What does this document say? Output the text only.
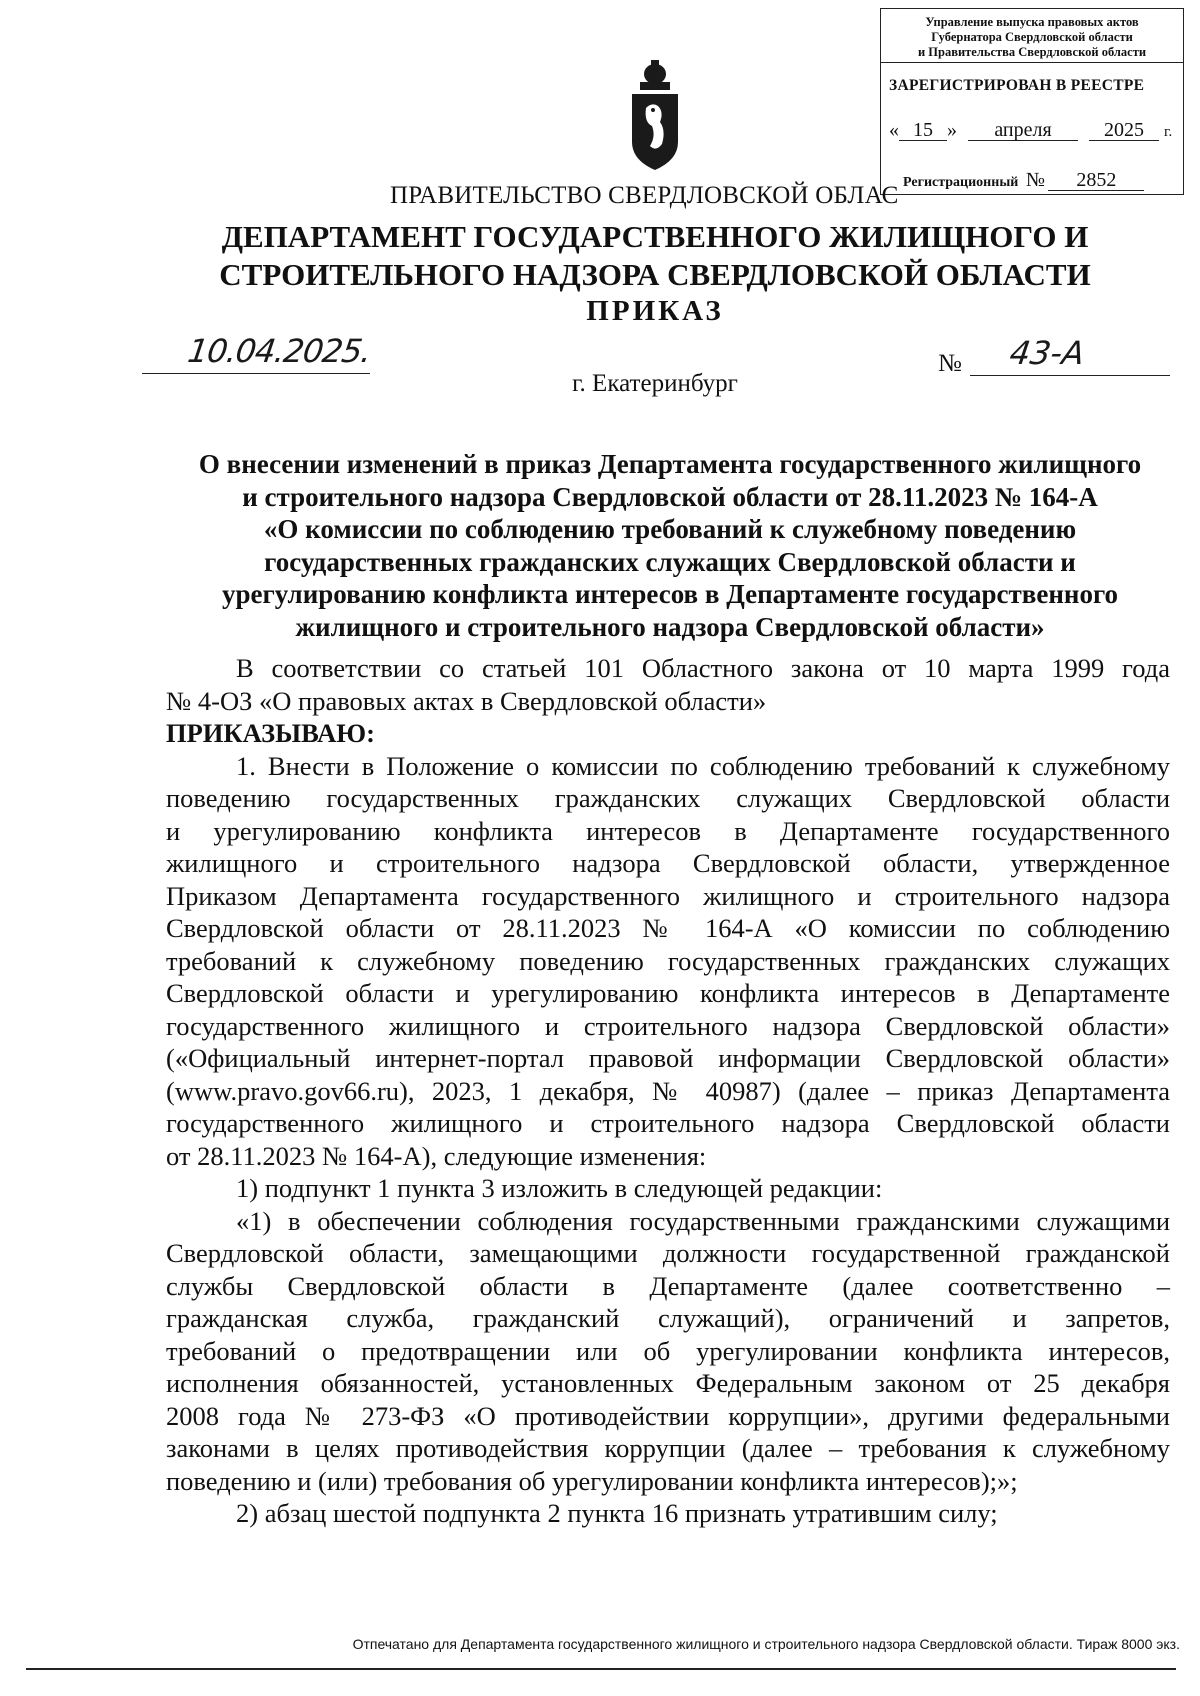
Управление выпуска правовых актов
Губернатора Свердловской области
и Правительства Свердловской области
ЗАРЕГИСТРИРОВАН В РЕЕСТРЕ
« 15 » апреля	2025 г.
Регистрационный № 2852
ПРАВИТЕЛЬСТВО СВЕРДЛОВСКОЙ ОБЛАС
ДЕПАРТАМЕНТ ГОСУДАРСТВЕННОГО ЖИЛИЩНОГО И
СТРОИТЕЛЬНОГО НАДЗОРА СВЕРДЛОВСКОЙ ОБЛАСТИ
ПРИКАЗ
10.04.2025.	№ 43-А
г. Екатеринбург
О внесении изменений в приказ Департамента государственного жилищного
и строительного надзора Свердловской области от 28.11.2023 № 164-А
«О комиссии по соблюдению требований к служебному поведению
государственных гражданских служащих Свердловской области и
урегулированию конфликта интересов в Департаменте государственного
жилищного и строительного надзора Свердловской области»
В соответствии со статьей 101 Областного закона от 10 марта 1999 года
№ 4-ОЗ «О правовых актах в Свердловской области»
ПРИКАЗЫВАЮ:
1. Внести в Положение о комиссии по соблюдению требований к служебному
поведению государственных гражданских служащих Свердловской области
и урегулированию конфликта интересов в Департаменте государственного
жилищного и строительного надзора Свердловской области, утвержденное
Приказом Департамента государственного жилищного и строительного надзора
Свердловской области от 28.11.2023 № 164-А «О комиссии по соблюдению
требований к служебному поведению государственных гражданских служащих
Свердловской области и урегулированию конфликта интересов в Департаменте
государственного жилищного и строительного надзора Свердловской области»
(«Официальный интернет-портал правовой информации Свердловской области»
(www.pravo.gov66.ru), 2023, 1 декабря, № 40987) (далее – приказ Департамента
государственного жилищного и строительного надзора Свердловской области
от 28.11.2023 № 164-А), следующие изменения:
1) подпункт 1 пункта 3 изложить в следующей редакции:
«1) в обеспечении соблюдения государственными гражданскими служащими
Свердловской области, замещающими должности государственной гражданской
службы Свердловской области в Департаменте (далее соответственно –
гражданская служба, гражданский служащий), ограничений и запретов,
требований о предотвращении или об урегулировании конфликта интересов,
исполнения обязанностей, установленных Федеральным законом от 25 декабря
2008 года № 273-ФЗ «О противодействии коррупции», другими федеральными
законами в целях противодействия коррупции (далее – требования к служебному
поведению и (или) требования об урегулировании конфликта интересов);»;
2) абзац шестой подпункта 2 пункта 16 признать утратившим силу;
Отпечатано для Департамента государственного жилищного и строительного надзора Свердловской области. Тираж 8000 экз.
